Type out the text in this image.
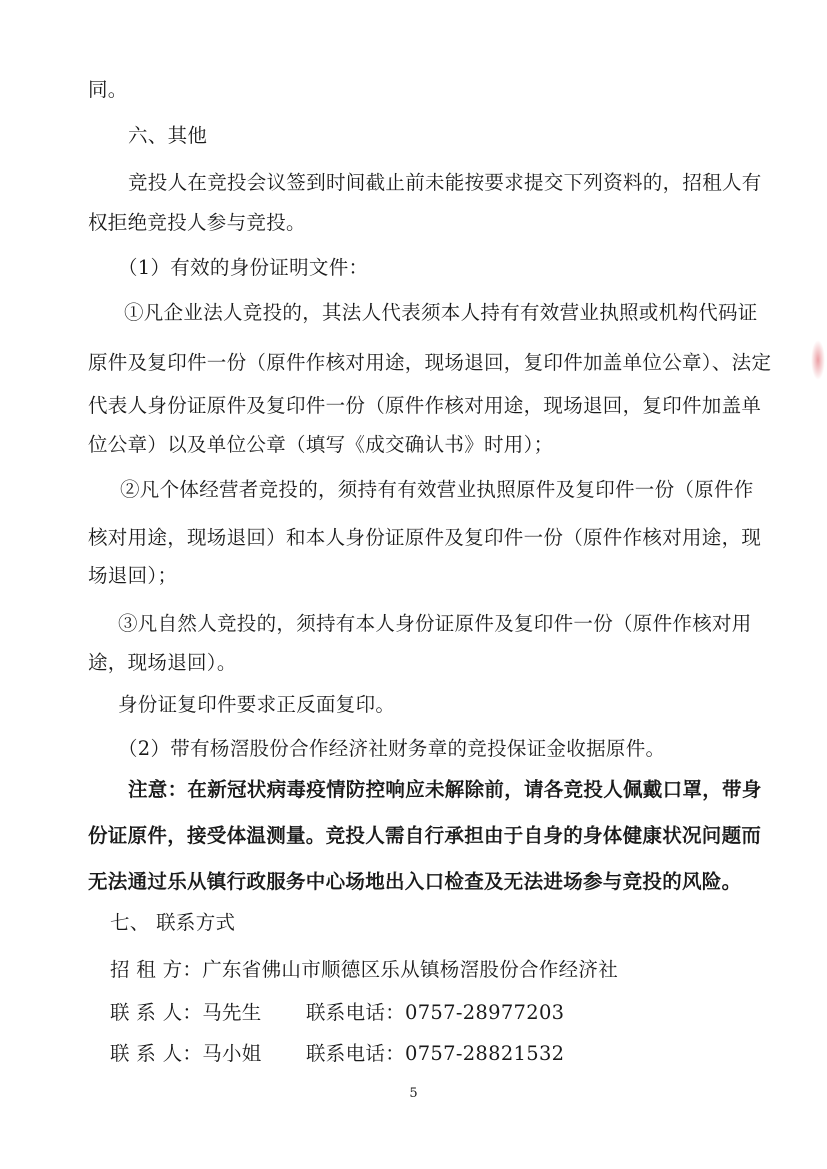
同。
六、其他
竞投人在竞投会议签到时间截止前未能按要求提交下列资料的，招租人有
权拒绝竞投人参与竞投。
（1）有效的身份证明文件：
①凡企业法人竞投的，其法人代表须本人持有有效营业执照或机构代码证
原件及复印件一份（原件作核对用途，现场退回，复印件加盖单位公章）、法定
代表人身份证原件及复印件一份（原件作核对用途，现场退回，复印件加盖单
位公章）以及单位公章（填写《成交确认书》时用）；
②凡个体经营者竞投的，须持有有效营业执照原件及复印件一份（原件作
核对用途，现场退回）和本人身份证原件及复印件一份（原件作核对用途，现
场退回）；
③凡自然人竞投的，须持有本人身份证原件及复印件一份（原件作核对用
途，现场退回）。
身份证复印件要求正反面复印。
（2）带有杨滘股份合作经济社财务章的竞投保证金收据原件。
注意：在新冠状病毒疫情防控响应未解除前，请各竞投人佩戴口罩，带身
份证原件，接受体温测量。竞投人需自行承担由于自身的身体健康状况问题而
无法通过乐从镇行政服务中心场地出入口检查及无法进场参与竞投的风险。
七、 联系方式
招 租 方：广东省佛山市顺德区乐从镇杨滘股份合作经济社
联 系 人：马先生 联系电话：0757-28977203
联 系 人：马小姐 联系电话：0757-28821532
5
